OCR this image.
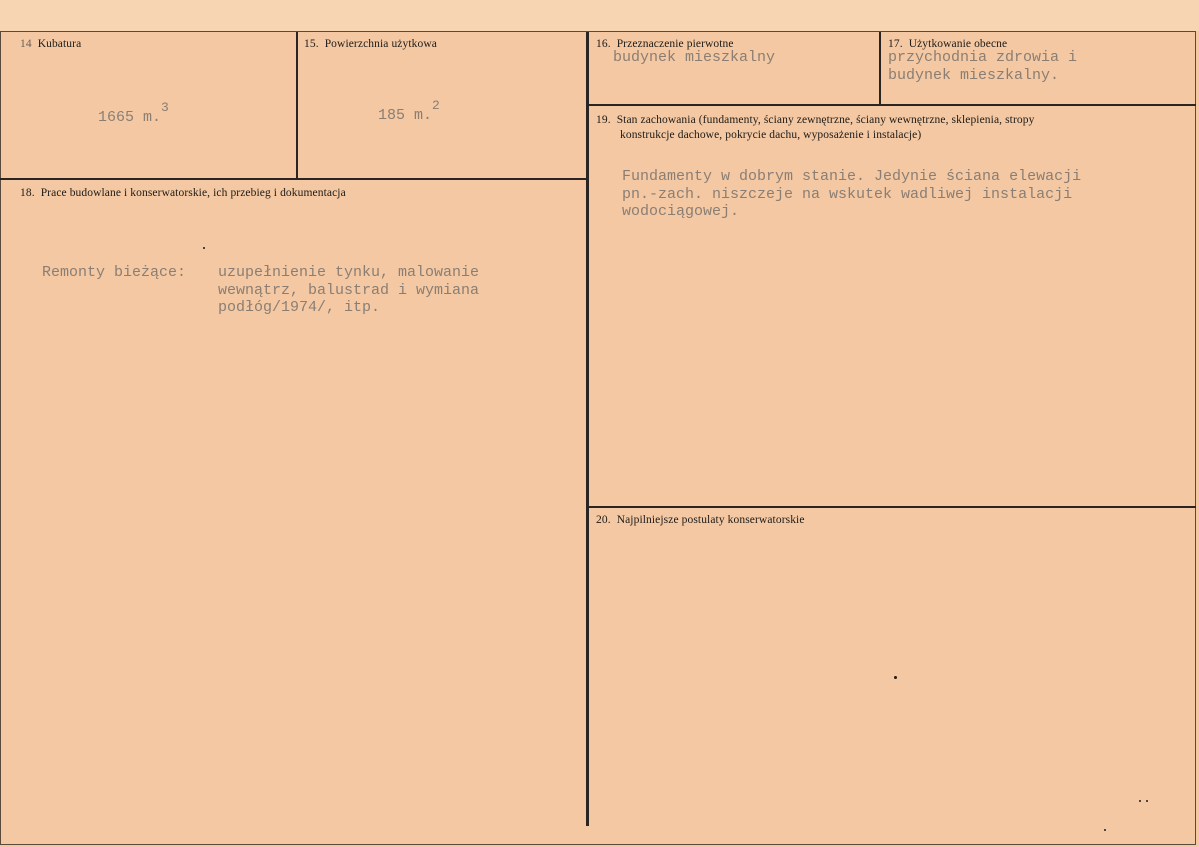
14 Kubatura

1665 m.$^3$

15. Powierzchnia użytkowa

185 m.$^2$

16. Przeznaczenie pierwotne
budynek mieszkalny
17. Użytkowanie obecne
przychodnia zdrowia i
budynek mieszkalny.
18. Prace budowlane i konserwatorskie, ich przebieg i dokumentacja
Remonty bieżące: uzupełnienie tynku, malowanie
wewnątrz, balustrad i wymiana
podłóg/1974/, itp.
19. Stan zachowania (fundamenty, ściany zewnętrzne, ściany wewnętrzne, sklepienia, stropy
konstrukcje dachowe, pokrycie dachu, wyposażenie i instalacje)
Fundamenty w dobrym stanie. Jedynie ściana elewacji
pn.-zach. niszczeje na wskutek wadliwej instalacji
wodociągowej.
20. Najpilniejsze postulaty konserwatorskie
